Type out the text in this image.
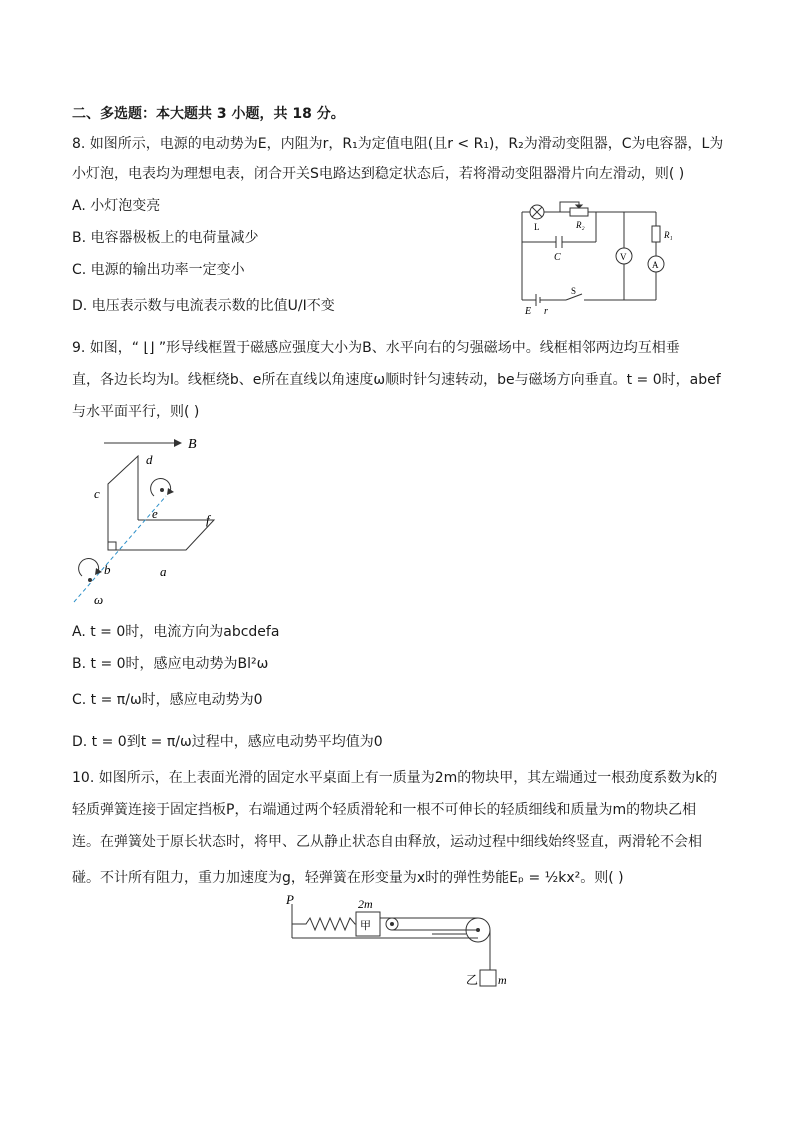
二、多选题：本大题共 3 小题，共 18 分。
8. 如图所示，电源的电动势为E，内阻为r，R₁为定值电阻(且r < R₁)，R₂为滑动变阻器，C为电容器，L为
小灯泡，电表均为理想电表，闭合开关S电路达到稳定状态后，若将滑动变阻器滑片向左滑动，则( )
A. 小灯泡变亮
B. 电容器极板上的电荷量减少
C. 电源的输出功率一定变小
D. 电压表示数与电流表示数的比值U/I不变
L	R₂
R₁
C	V
A
S
E r
9. 如图，“ ⌊⌋ ”形导线框置于磁感应强度大小为B、水平向右的匀强磁场中。线框相邻两边均互相垂
直，各边长均为l。线框绕b、e所在直线以角速度ω顺时针匀速转动，be与磁场方向垂直。t = 0时，abef
与水平面平行，则( )
B
d
c
e	f
b	a
ω
A. t = 0时，电流方向为abcdefa
B. t = 0时，感应电动势为Bl²ω
C. t = π/ω时，感应电动势为0
D. t = 0到t = π/ω过程中，感应电动势平均值为0
10. 如图所示，在上表面光滑的固定水平桌面上有一质量为2m的物块甲，其左端通过一根劲度系数为k的
轻质弹簧连接于固定挡板P，右端通过两个轻质滑轮和一根不可伸长的轻质细线和质量为m的物块乙相
连。在弹簧处于原长状态时，将甲、乙从静止状态自由释放，运动过程中细线始终竖直，两滑轮不会相
碰。不计所有阻力，重力加速度为g，轻弹簧在形变量为x时的弹性势能Eₚ = ½kx²。则( )
P	2m
甲
乙 m
